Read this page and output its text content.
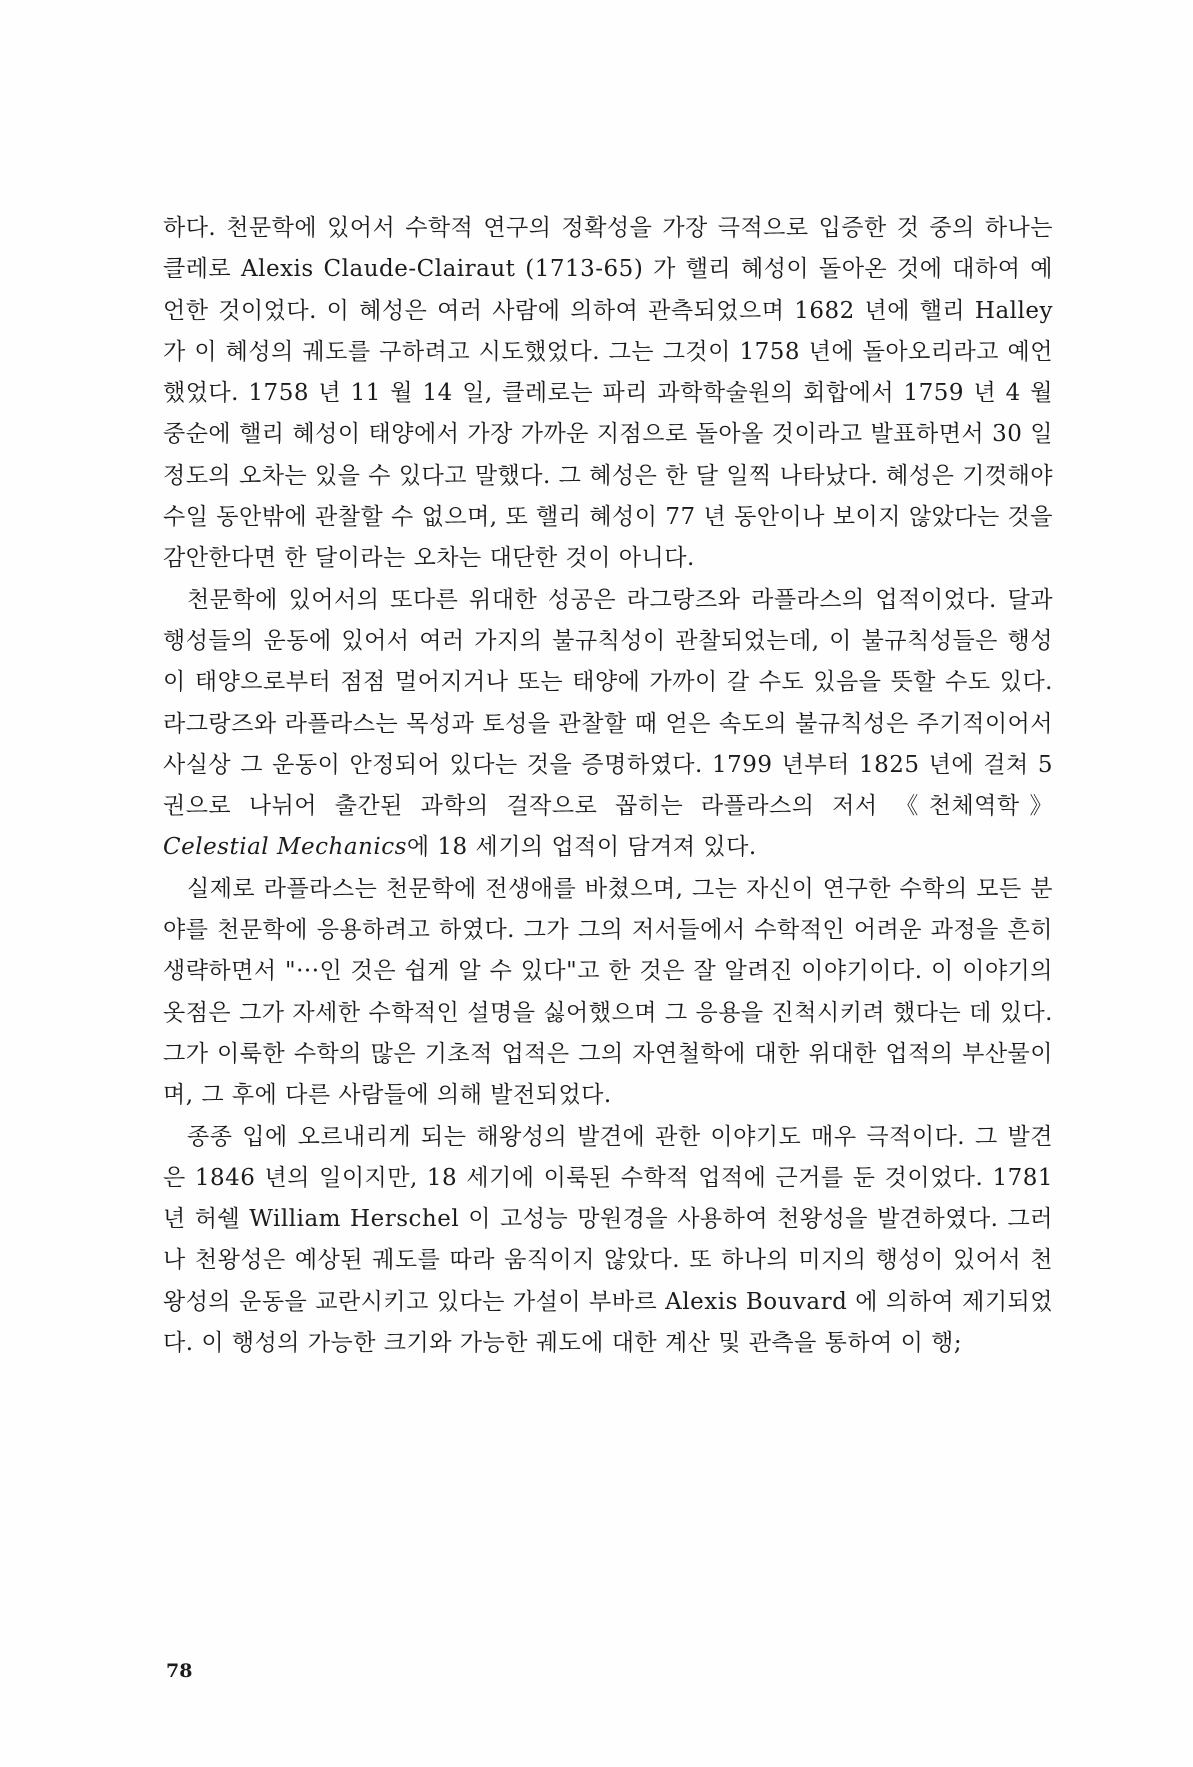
하다. 천문학에 있어서 수학적 연구의 정확성을 가장 극적으로 입증한 것 중의 하나는 클레로 Alexis Claude-Clairaut (1713-65) 가 핼리 혜성이 돌아온 것에 대하여 예언한 것이었다. 이 혜성은 여러 사람에 의하여 관측되었으며 1682 년에 핼리 Halley 가 이 혜성의 궤도를 구하려고 시도했었다. 그는 그것이 1758 년에 돌아오리라고 예언했었다. 1758 년 11 월 14 일, 클레로는 파리 과학학술원의 회합에서 1759 년 4 월 중순에 핼리 혜성이 태양에서 가장 가까운 지점으로 돌아올 것이라고 발표하면서 30 일 정도의 오차는 있을 수 있다고 말했다. 그 혜성은 한 달 일찍 나타났다. 혜성은 기껏해야 수일 동안밖에 관찰할 수 없으며, 또 핼리 혜성이 77 년 동안이나 보이지 않았다는 것을 감안한다면 한 달이라는 오차는 대단한 것이 아니다.

천문학에 있어서의 또다른 위대한 성공은 라그랑즈와 라플라스의 업적이었다. 달과 행성들의 운동에 있어서 여러 가지의 불규칙성이 관찰되었는데, 이 불규칙성들은 행성이 태양으로부터 점점 멀어지거나 또는 태양에 가까이 갈 수도 있음을 뜻할 수도 있다. 라그랑즈와 라플라스는 목성과 토성을 관찰할 때 얻은 속도의 불규칙성은 주기적이어서 사실상 그 운동이 안정되어 있다는 것을 증명하였다. 1799 년부터 1825 년에 걸쳐 5 권으로 나뉘어 출간된 과학의 걸작으로 꼽히는 라플라스의 저서 《천체역학》 Celestial Mechanics에 18 세기의 업적이 담겨져 있다.

실제로 라플라스는 천문학에 전생애를 바쳤으며, 그는 자신이 연구한 수학의 모든 분야를 천문학에 응용하려고 하였다. 그가 그의 저서들에서 수학적인 어려운 과정을 흔히 생략하면서 "···인 것은 쉽게 알 수 있다"고 한 것은 잘 알려진 이야기이다. 이 이야기의 옷점은 그가 자세한 수학적인 설명을 싫어했으며 그 응용을 진척시키려 했다는 데 있다. 그가 이룩한 수학의 많은 기초적 업적은 그의 자연철학에 대한 위대한 업적의 부산물이며, 그 후에 다른 사람들에 의해 발전되었다.

종종 입에 오르내리게 되는 해왕성의 발견에 관한 이야기도 매우 극적이다. 그 발견은 1846 년의 일이지만, 18 세기에 이룩된 수학적 업적에 근거를 둔 것이었다. 1781 년 허쉘 William Herschel 이 고성능 망원경을 사용하여 천왕성을 발견하였다. 그러나 천왕성은 예상된 궤도를 따라 움직이지 않았다. 또 하나의 미지의 행성이 있어서 천왕성의 운동을 교란시키고 있다는 가설이 부바르 Alexis Bouvard 에 의하여 제기되었다. 이 행성의 가능한 크기와 가능한 궤도에 대한 계산 및 관측을 통하여 이 행;

78
